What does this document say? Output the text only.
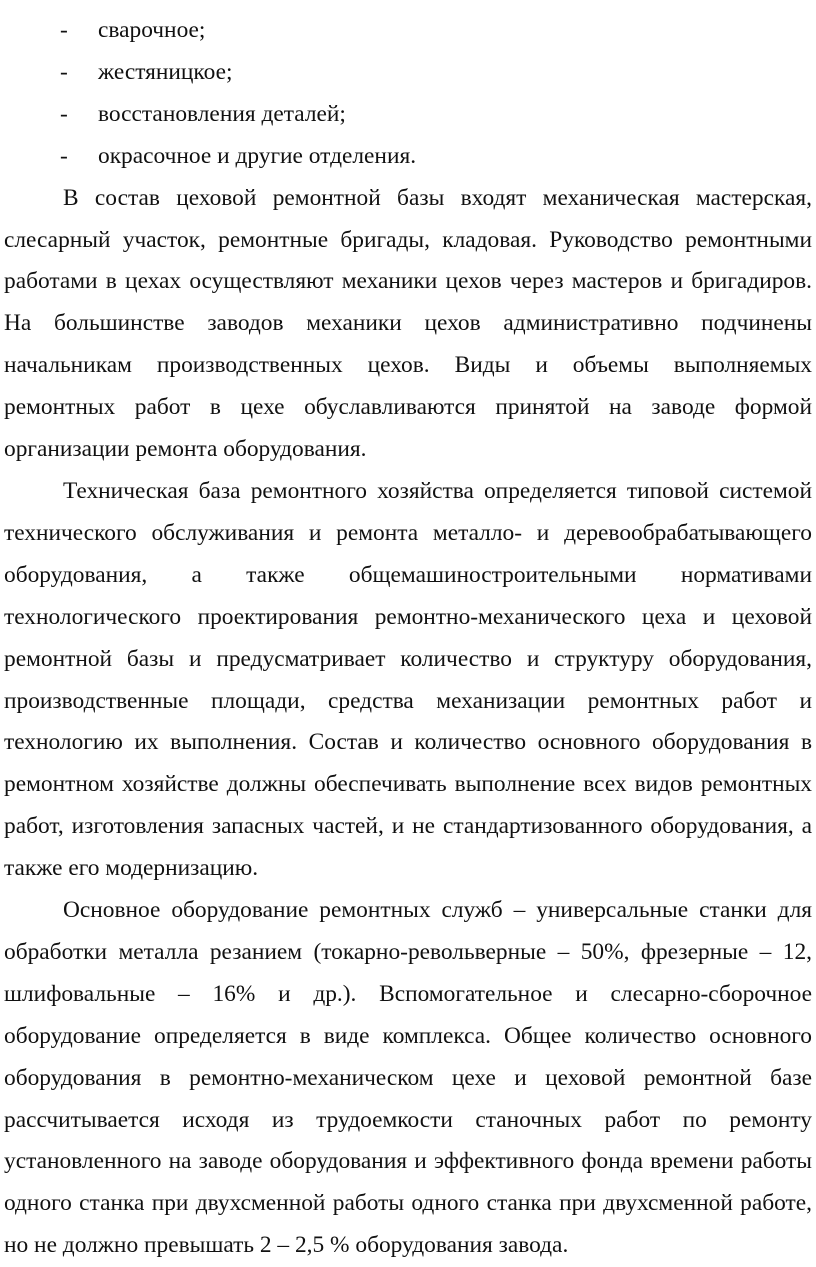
-	сварочное;
-	жестяницкое;
-	восстановления деталей;
-	окрасочное и другие отделения.

В состав цеховой ремонтной базы входят механическая мастерская, слесарный участок, ремонтные бригады, кладовая. Руководство ремонтными работами в цехах осуществляют механики цехов через мастеров и бригадиров. На большинстве заводов механики цехов административно подчинены начальникам производственных цехов. Виды и объемы выполняемых ремонтных работ в цехе обуславливаются принятой на заводе формой организации ремонта оборудования.

Техническая база ремонтного хозяйства определяется типовой системой технического обслуживания и ремонта металло- и деревообрабатывающего оборудования, а также общемашиностроительными нормативами технологического проектирования ремонтно-механического цеха и цеховой ремонтной базы и предусматривает количество и структуру оборудования, производственные площади, средства механизации ремонтных работ и технологию их выполнения. Состав и количество основного оборудования в ремонтном хозяйстве должны обеспечивать выполнение всех видов ремонтных работ, изготовления запасных частей, и не стандартизованного оборудования, а также его модернизацию.

Основное оборудование ремонтных служб – универсальные станки для обработки металла резанием (токарно-револьверные – 50%, фрезерные – 12, шлифовальные – 16% и др.). Вспомогательное и слесарно-сборочное оборудование определяется в виде комплекса. Общее количество основного оборудования в ремонтно-механическом цехе и цеховой ремонтной базе рассчитывается исходя из трудоемкости станочных работ по ремонту установленного на заводе оборудования и эффективного фонда времени работы одного станка при двухсменной работы одного станка при двухсменной работе, но не должно превышать 2 – 2,5 % оборудования завода.
